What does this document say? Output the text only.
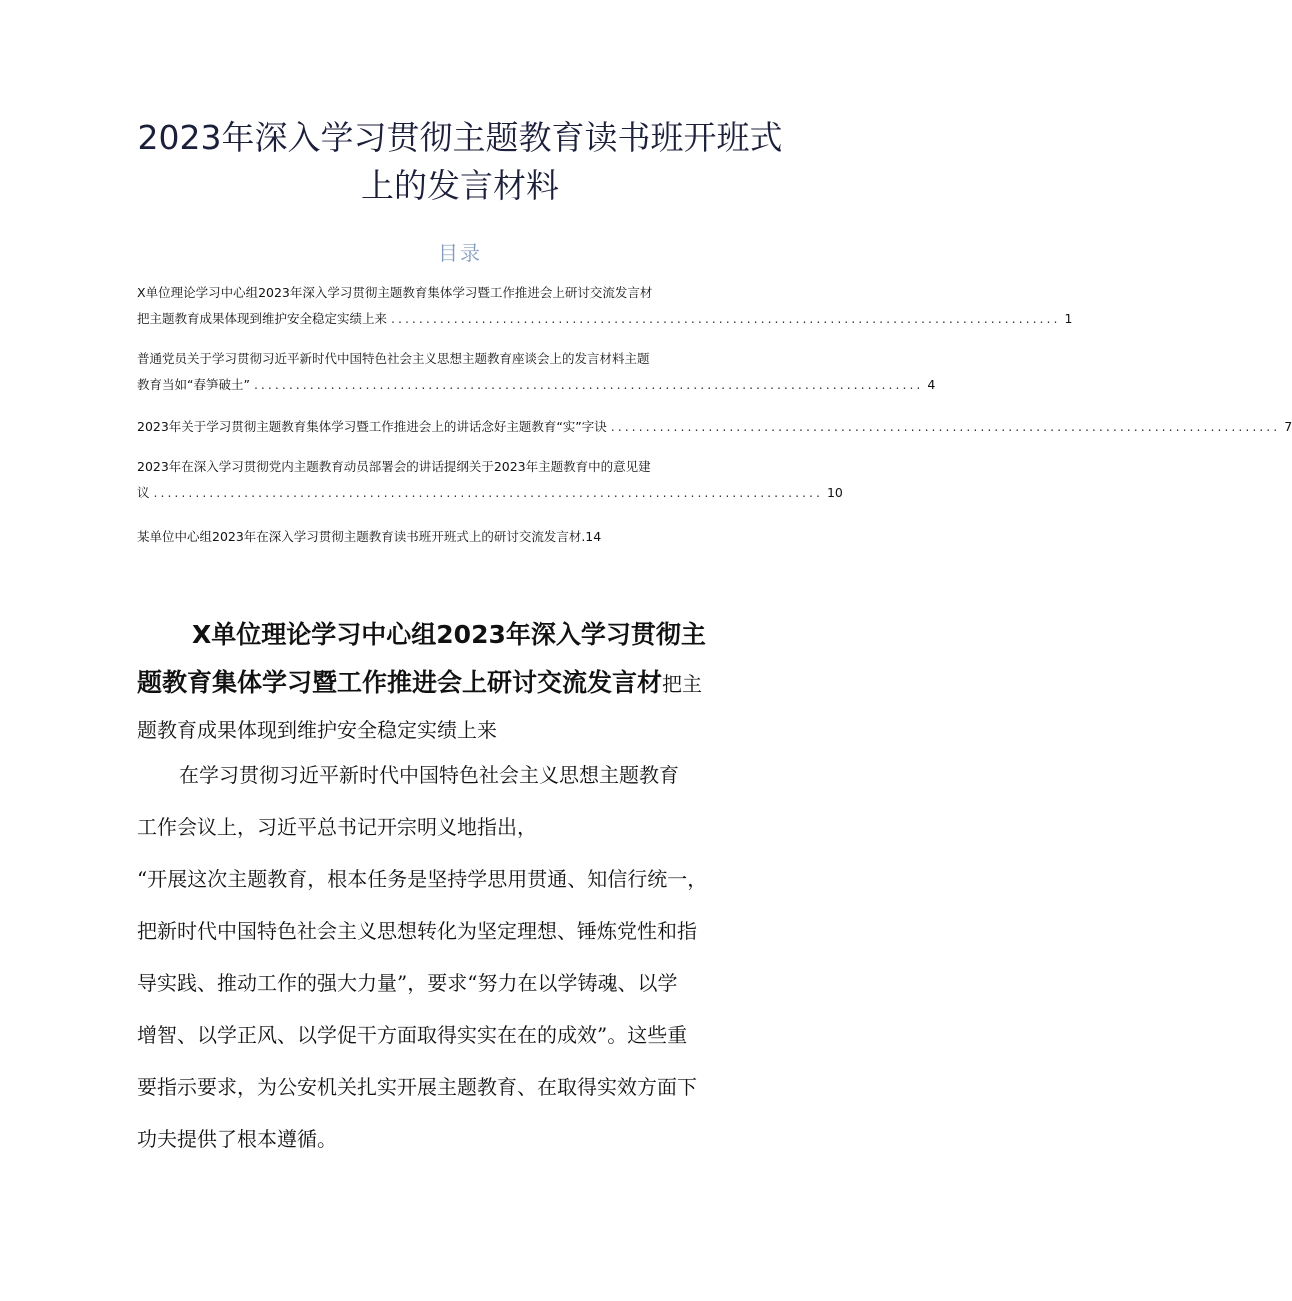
2023年深入学习贯彻主题教育读书班开班式
上的发言材料
目录
X单位理论学习中心组2023年深入学习贯彻主题教育集体学习暨工作推进会上研讨交流发言材
把主题教育成果体现到维护安全稳定实绩上来 ................................................................................................ 1
普通党员关于学习贯彻习近平新时代中国特色社会主义思想主题教育座谈会上的发言材料主题
教育当如“春笋破土” ................................................................................................ 4
2023年关于学习贯彻主题教育集体学习暨工作推进会上的讲话念好主题教育“实”字诀 ................................................................................................ 7
2023年在深入学习贯彻党内主题教育动员部署会的讲话提纲关于2023年主题教育中的意见建
议 ................................................................................................ 10
某单位中心组2023年在深入学习贯彻主题教育读书班开班式上的研讨交流发言材.14
X单位理论学习中心组2023年深入学习贯彻主
题教育集体学习暨工作推进会上研讨交流发言材把主
题教育成果体现到维护安全稳定实绩上来
在学习贯彻习近平新时代中国特色社会主义思想主题教育
工作会议上，习近平总书记开宗明义地指出，
“开展这次主题教育，根本任务是坚持学思用贯通、知信行统一，
把新时代中国特色社会主义思想转化为坚定理想、锤炼党性和指
导实践、推动工作的强大力量”，要求“努力在以学铸魂、以学
增智、以学正风、以学促干方面取得实实在在的成效”。这些重
要指示要求，为公安机关扎实开展主题教育、在取得实效方面下
功夫提供了根本遵循。
